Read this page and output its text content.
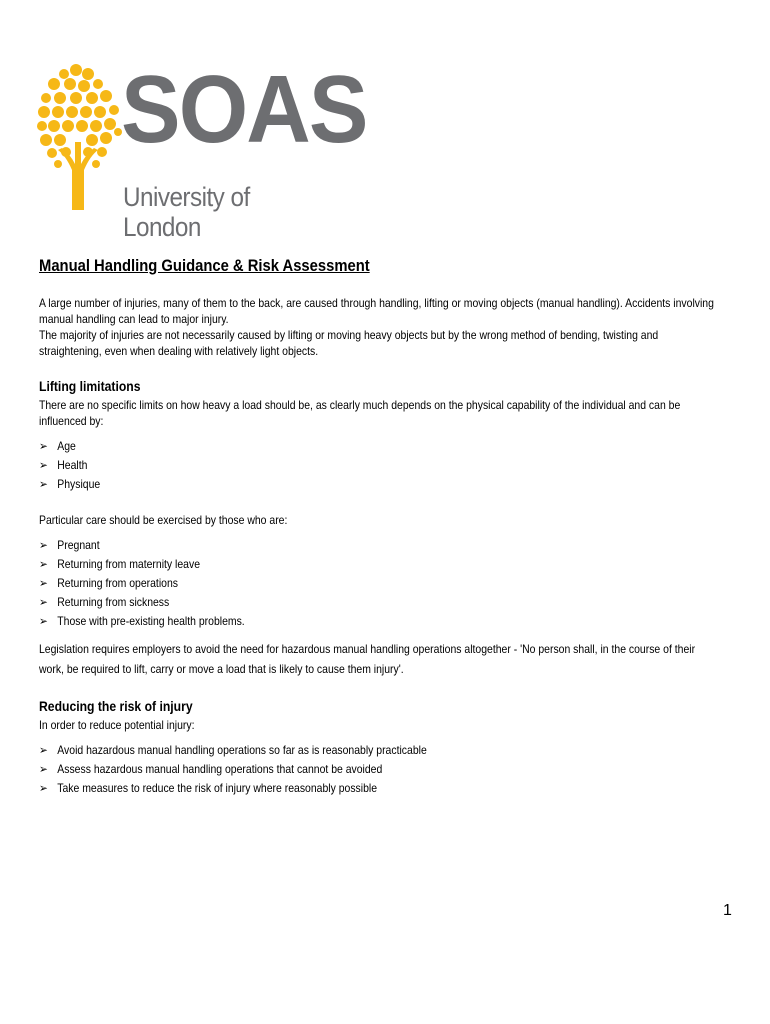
SOAS
University of London
Manual Handling Guidance & Risk Assessment

A large number of injuries, many of them to the back, are caused through handling, lifting or moving objects (manual handling). Accidents involving manual handling can lead to major injury.

The majority of injuries are not necessarily caused by lifting or moving heavy objects but by the wrong method of bending, twisting and straightening, even when dealing with relatively light objects.

Lifting limitations

There are no specific limits on how heavy a load should be, as clearly much depends on the physical capability of the individual and can be influenced by:

➢ Age
➢ Health
➢ Physique

Particular care should be exercised by those who are:

➢ Pregnant
➢ Returning from maternity leave
➢ Returning from operations
➢ Returning from sickness
➢ Those with pre-existing health problems.

Legislation requires employers to avoid the need for hazardous manual handling operations altogether - 'No person shall, in the course of their work, be required to lift, carry or move a load that is likely to cause them injury'.

Reducing the risk of injury

In order to reduce potential injury:

➢ Avoid hazardous manual handling operations so far as is reasonably practicable
➢ Assess hazardous manual handling operations that cannot be avoided
➢ Take measures to reduce the risk of injury where reasonably possible
1
